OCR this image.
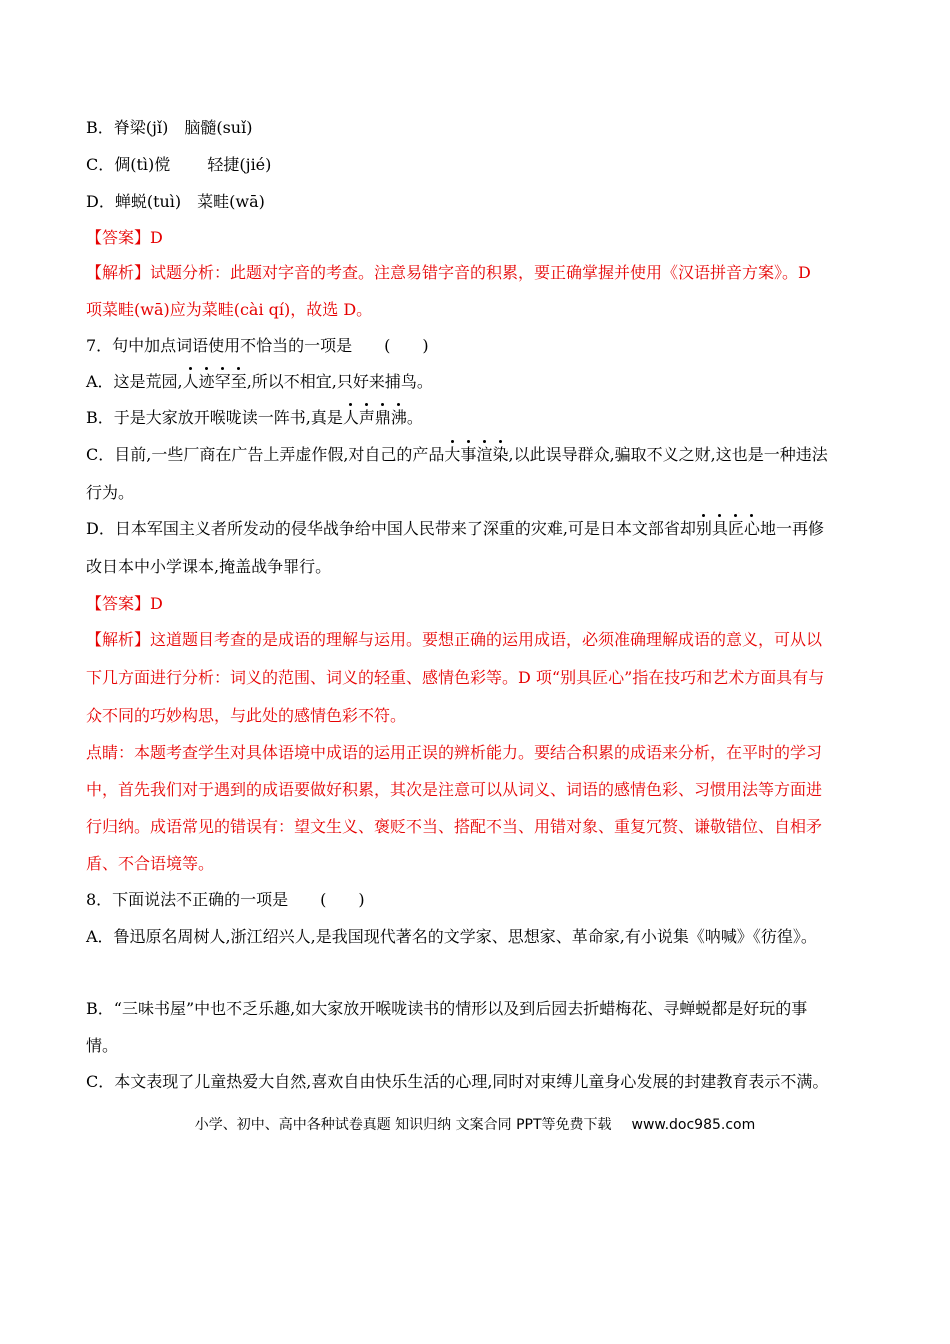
B．脊梁(jǐ)　脑髓(suǐ)
C．倜(tì)傥　　 轻捷(jié)
D．蝉蜕(tuì)　菜畦(wā)
【答案】D
【解析】试题分析：此题对字音的考查。注意易错字音的积累，要正确掌握并使用《汉语拼音方案》。D
项菜畦(wā)应为菜畦(cài qí)，故选 D。
7．句中加点词语使用不恰当的一项是　　(　　)
A．这是荒园,人迹罕至,所以不相宜,只好来捕鸟。
B．于是大家放开喉咙读一阵书,真是人声鼎沸。
C．目前,一些厂商在广告上弄虚作假,对自己的产品大事渲染,以此误导群众,骗取不义之财,这也是一种违法
行为。
D．日本军国主义者所发动的侵华战争给中国人民带来了深重的灾难,可是日本文部省却别具匠心地一再修
改日本中小学课本,掩盖战争罪行。
【答案】D
【解析】这道题目考查的是成语的理解与运用。要想正确的运用成语，必须准确理解成语的意义，可从以
下几方面进行分析：词义的范围、词义的轻重、感情色彩等。D 项“别具匠心”指在技巧和艺术方面具有与
众不同的巧妙构思，与此处的感情色彩不符。
点睛：本题考查学生对具体语境中成语的运用正误的辨析能力。要结合积累的成语来分析，在平时的学习
中，首先我们对于遇到的成语要做好积累，其次是注意可以从词义、词语的感情色彩、习惯用法等方面进
行归纳。成语常见的错误有：望文生义、褒贬不当、搭配不当、用错对象、重复冗赘、谦敬错位、自相矛
盾、不合语境等。
8．下面说法不正确的一项是　　(　　)
A．鲁迅原名周树人,浙江绍兴人,是我国现代著名的文学家、思想家、革命家,有小说集《呐喊》《彷徨》。
B．“三味书屋”中也不乏乐趣,如大家放开喉咙读书的情形以及到后园去折蜡梅花、寻蝉蜕都是好玩的事
情。
C．本文表现了儿童热爱大自然,喜欢自由快乐生活的心理,同时对束缚儿童身心发展的封建教育表示不满。
小学、初中、高中各种试卷真题 知识归纳 文案合同 PPT等免费下载 www.doc985.com
